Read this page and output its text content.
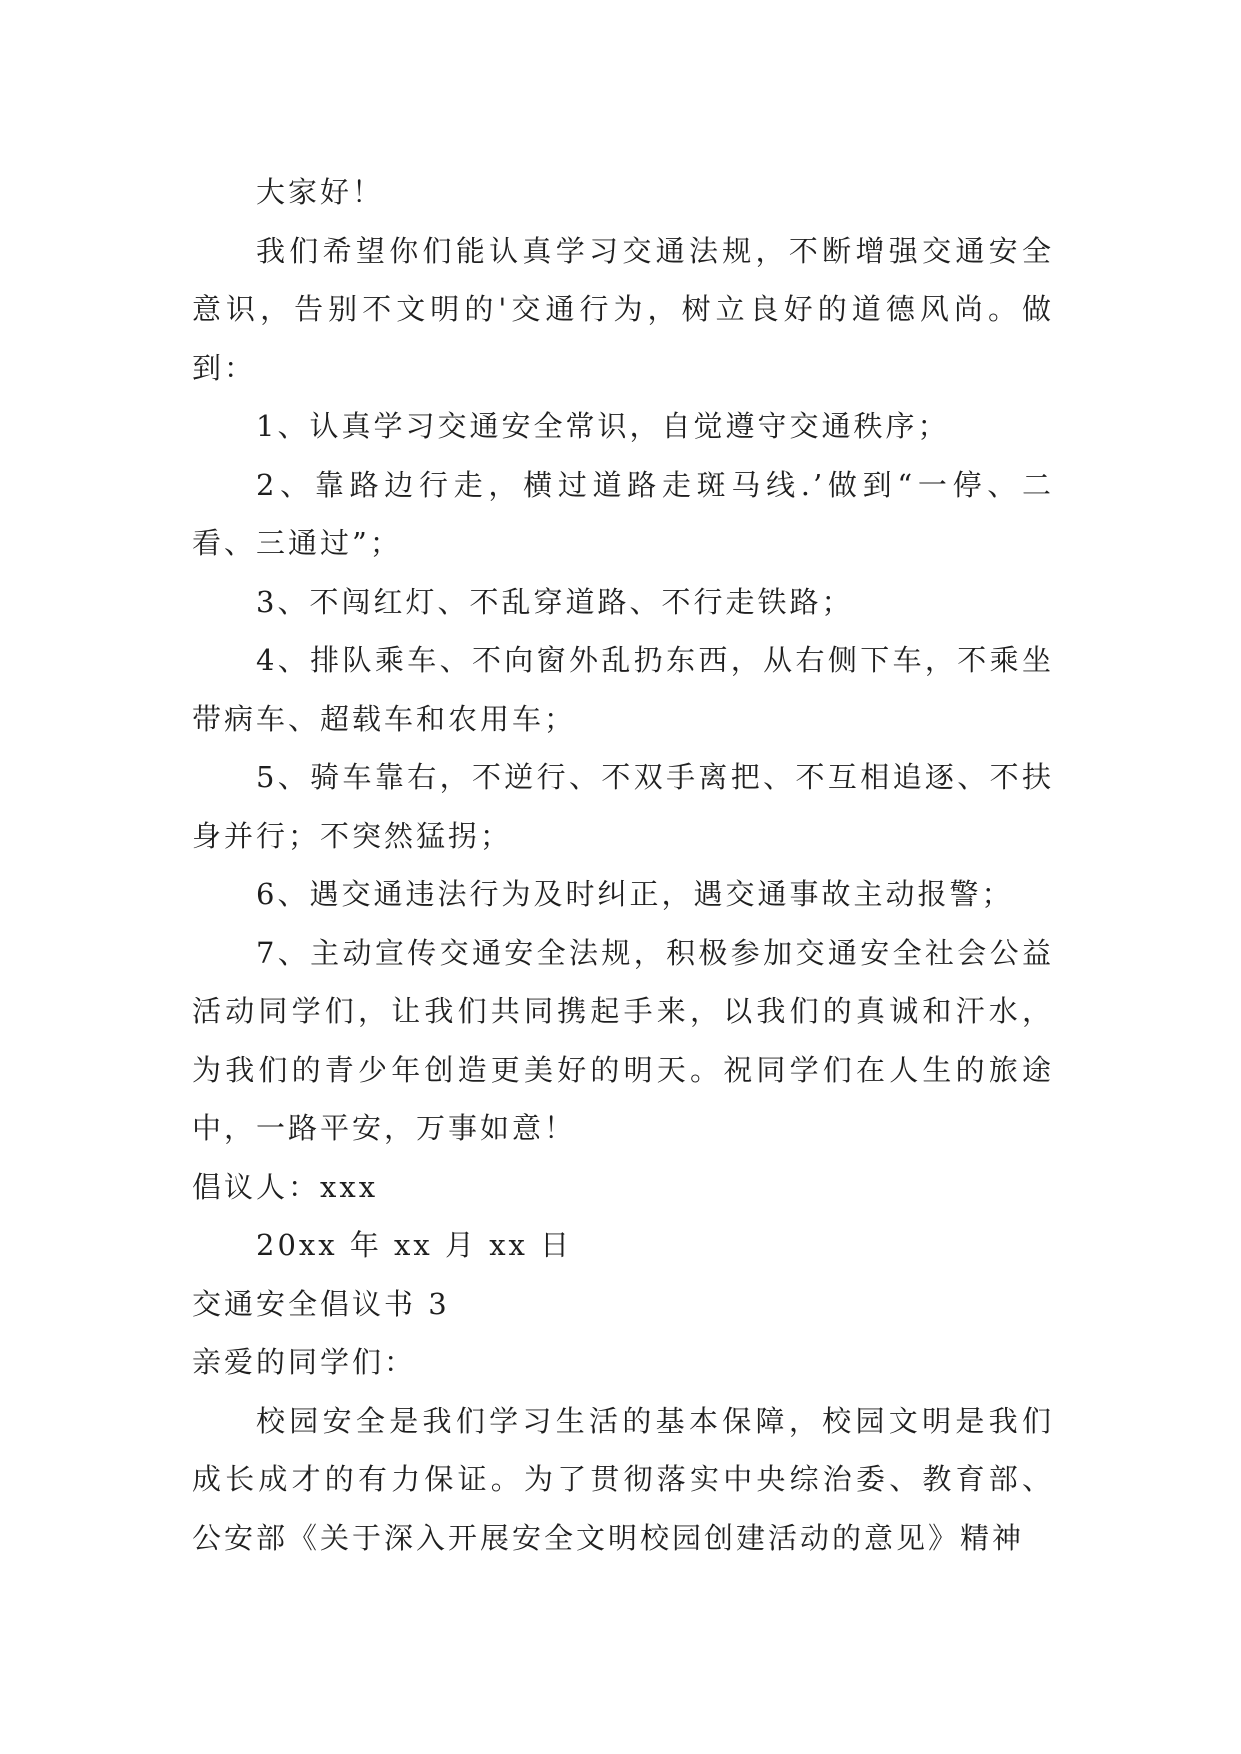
大家好！

我们希望你们能认真学习交通法规，不断增强交通安全意识，告别不文明的'交通行为，树立良好的道德风尚。做到：

1、认真学习交通安全常识，自觉遵守交通秩序；

2、靠路边行走，横过道路走斑马线.’做到“一停、二看、三通过”；

3、不闯红灯、不乱穿道路、不行走铁路；

4、排队乘车、不向窗外乱扔东西，从右侧下车，不乘坐带病车、超载车和农用车；

5、骑车靠右，不逆行、不双手离把、不互相追逐、不扶身并行；不突然猛拐；

6、遇交通违法行为及时纠正，遇交通事故主动报警；

7、主动宣传交通安全法规，积极参加交通安全社会公益活动同学们，让我们共同携起手来，以我们的真诚和汗水，为我们的青少年创造更美好的明天。祝同学们在人生的旅途中，一路平安，万事如意！

倡议人：xxx

20xx 年 xx 月 xx 日

交通安全倡议书 3

亲爱的同学们：

校园安全是我们学习生活的基本保障，校园文明是我们成长成才的有力保证。为了贯彻落实中央综治委、教育部、公安部《关于深入开展安全文明校园创建活动的意见》精神
